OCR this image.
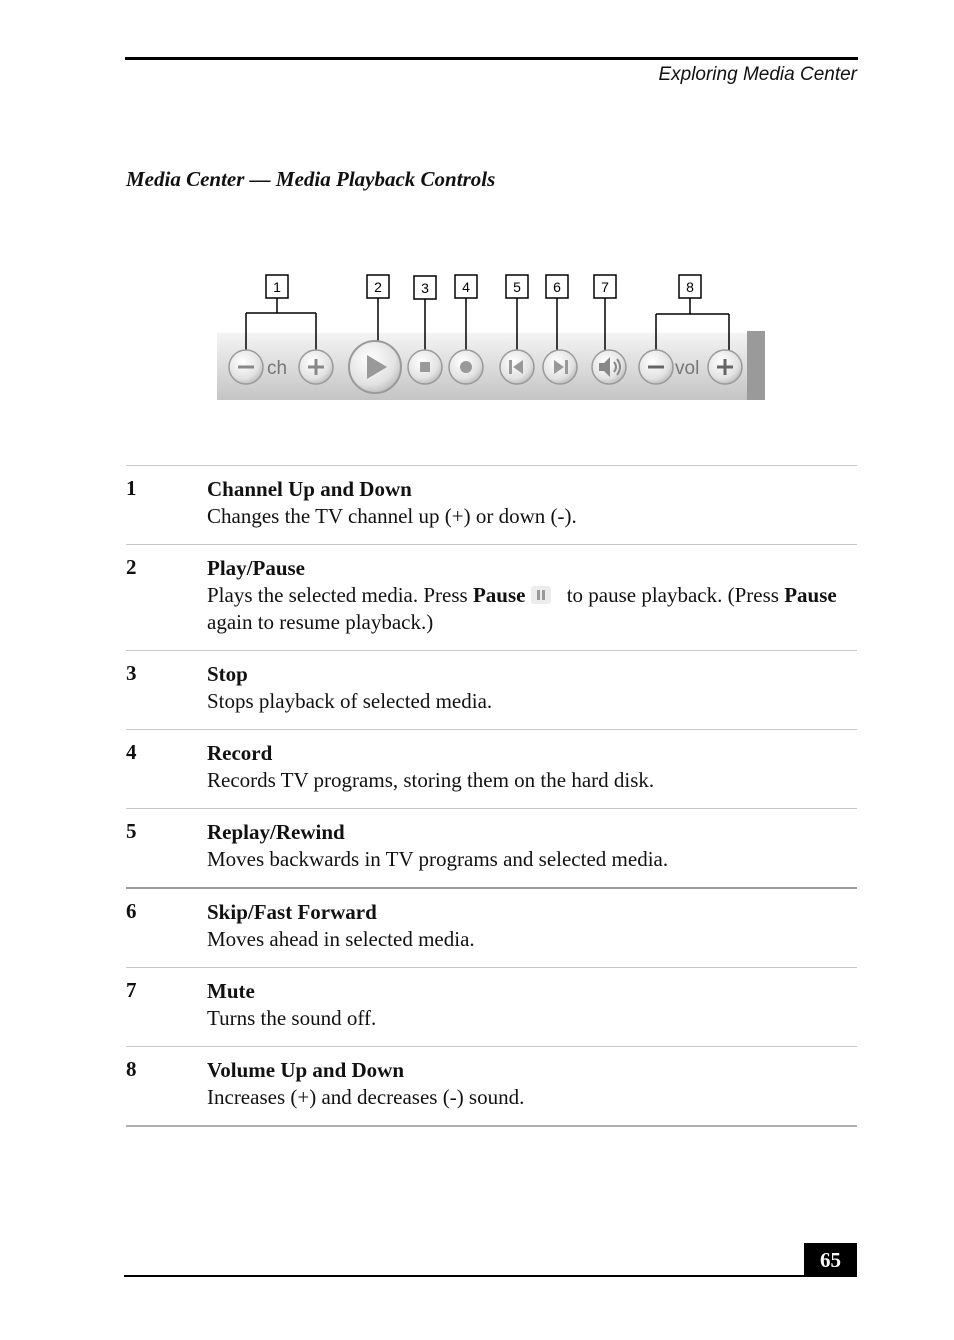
Exploring Media Center
Media Center — Media Playback Controls
1	2	3 4	5 6	7	8
ch	vol
1	Channel Up and Down
Changes the TV channel up (+) or down (-).
2	Play/Pause
Plays the selected media. Press Pause to pause playback. (Press Pause again to resume playback.)
3	Stop
Stops playback of selected media.
4	Record
Records TV programs, storing them on the hard disk.
5	Replay/Rewind
Moves backwards in TV programs and selected media.
6	Skip/Fast Forward
Moves ahead in selected media.
7	Mute
Turns the sound off.
8	Volume Up and Down
Increases (+) and decreases (-) sound.
65
